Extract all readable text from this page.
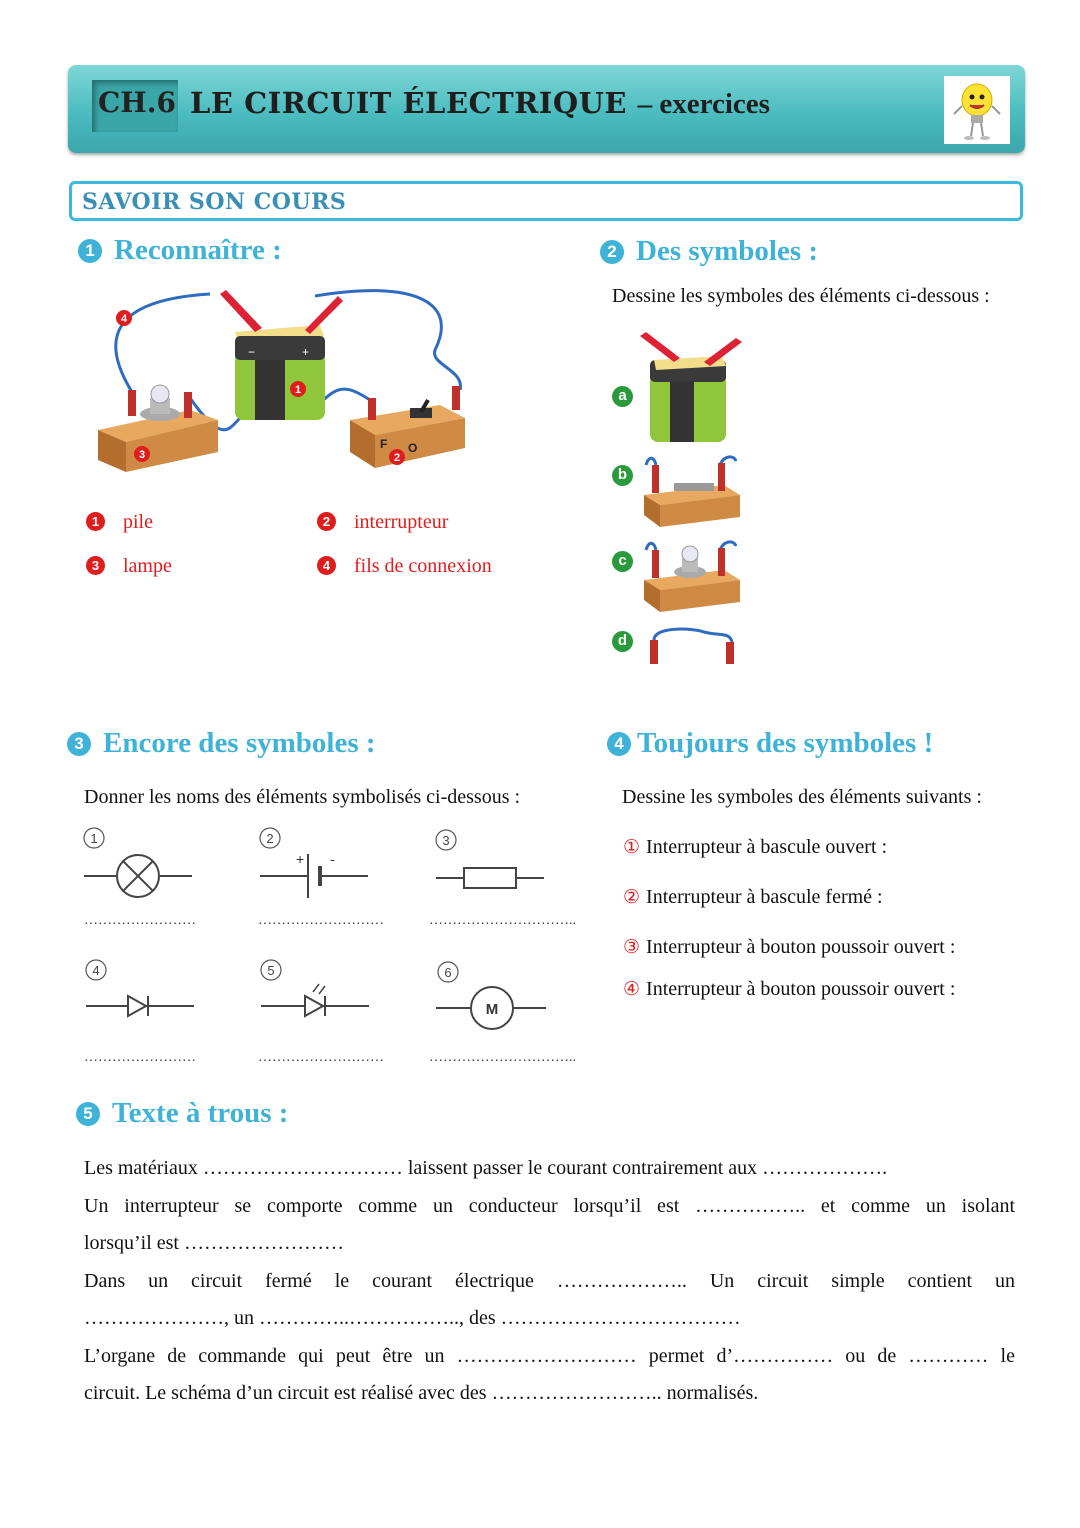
CH.6 LE CIRCUIT ÉLECTRIQUE – exercices
SAVOIR SON COURS
1 Reconnaître :
−	+
4
1
3
F
2
O
1 pile	2 interrupteur
3 lampe	4 fils de connexion
2 Des symboles :
Dessine les symboles des éléments ci-dessous :
a
b
c
d
3 Encore des symboles :
Donner les noms des éléments symbolisés ci-dessous :
1
……………………
2
+ -
………………………
3
…………………………..
4
……………………
5
………………………
6
M
…………………………..
4 Toujours des symboles !
Dessine les symboles des éléments suivants :
① Interrupteur à bascule ouvert :
② Interrupteur à bascule fermé :
③ Interrupteur à bouton poussoir ouvert :
④ Interrupteur à bouton poussoir ouvert :
5 Texte à trous :

Les matériaux ………………………… laissent passer le courant contrairement aux ……………….

Un interrupteur se comporte comme un conducteur lorsqu’il est …………….. et comme un isolant

lorsqu’il est ……………………

Dans un circuit fermé le courant électrique ……………….. Un circuit simple contient un

…………………, un …………..…………….., des ………………………………

L’organe de commande qui peut être un ……………………… permet d’…………… ou de ………… le

circuit. Le schéma d’un circuit est réalisé avec des …………………….. normalisés.
